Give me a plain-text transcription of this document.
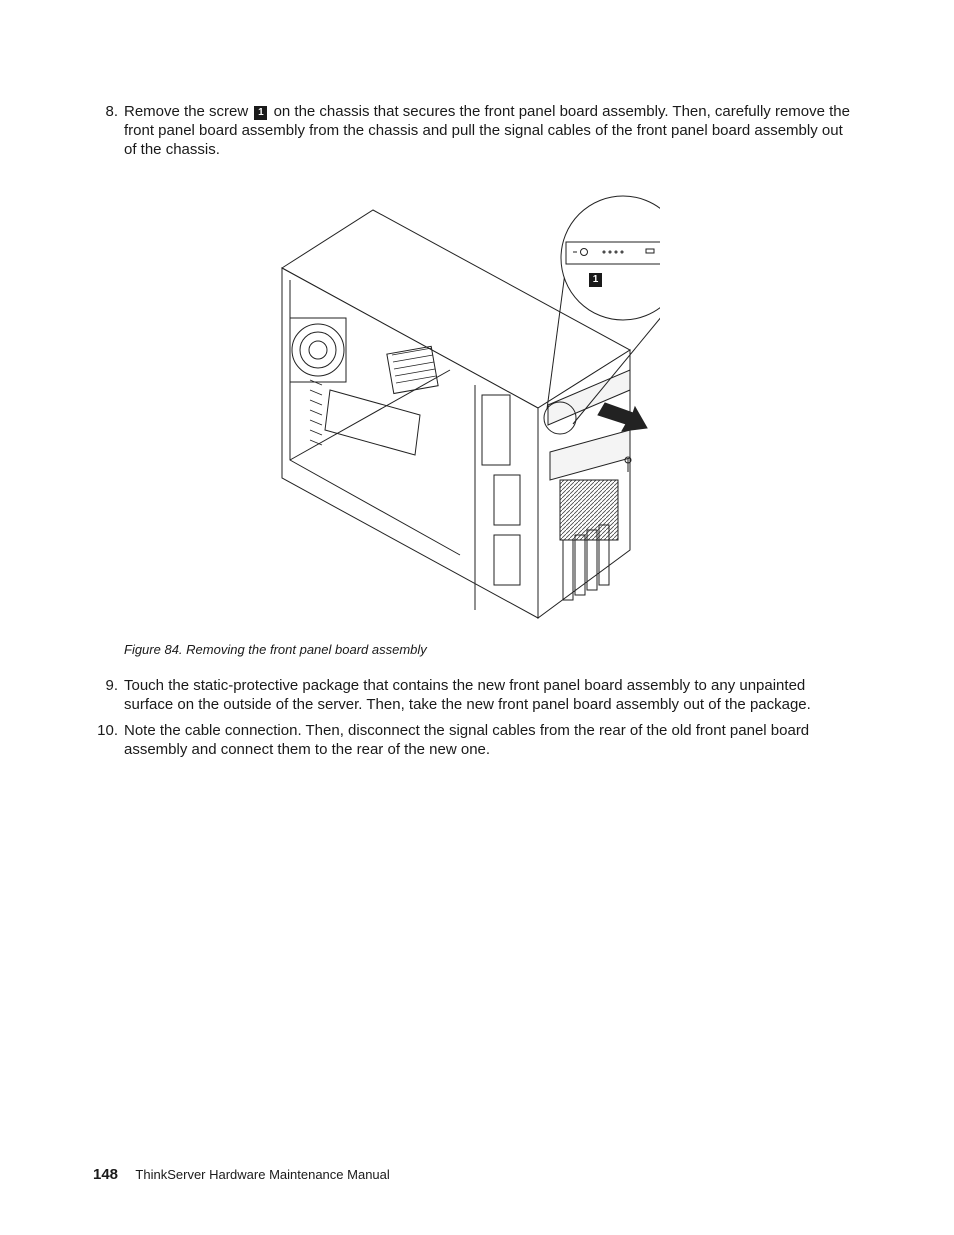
8. Remove the screw 1 on the chassis that secures the front panel board assembly. Then, carefully remove the front panel board assembly from the chassis and pull the signal cables of the front panel board assembly out of the chassis.
1
Figure 84. Removing the front panel board assembly
9. Touch the static-protective package that contains the new front panel board assembly to any unpainted surface on the outside of the server. Then, take the new front panel board assembly out of the package.
10. Note the cable connection. Then, disconnect the signal cables from the rear of the old front panel board assembly and connect them to the rear of the new one.
148 ThinkServer Hardware Maintenance Manual
